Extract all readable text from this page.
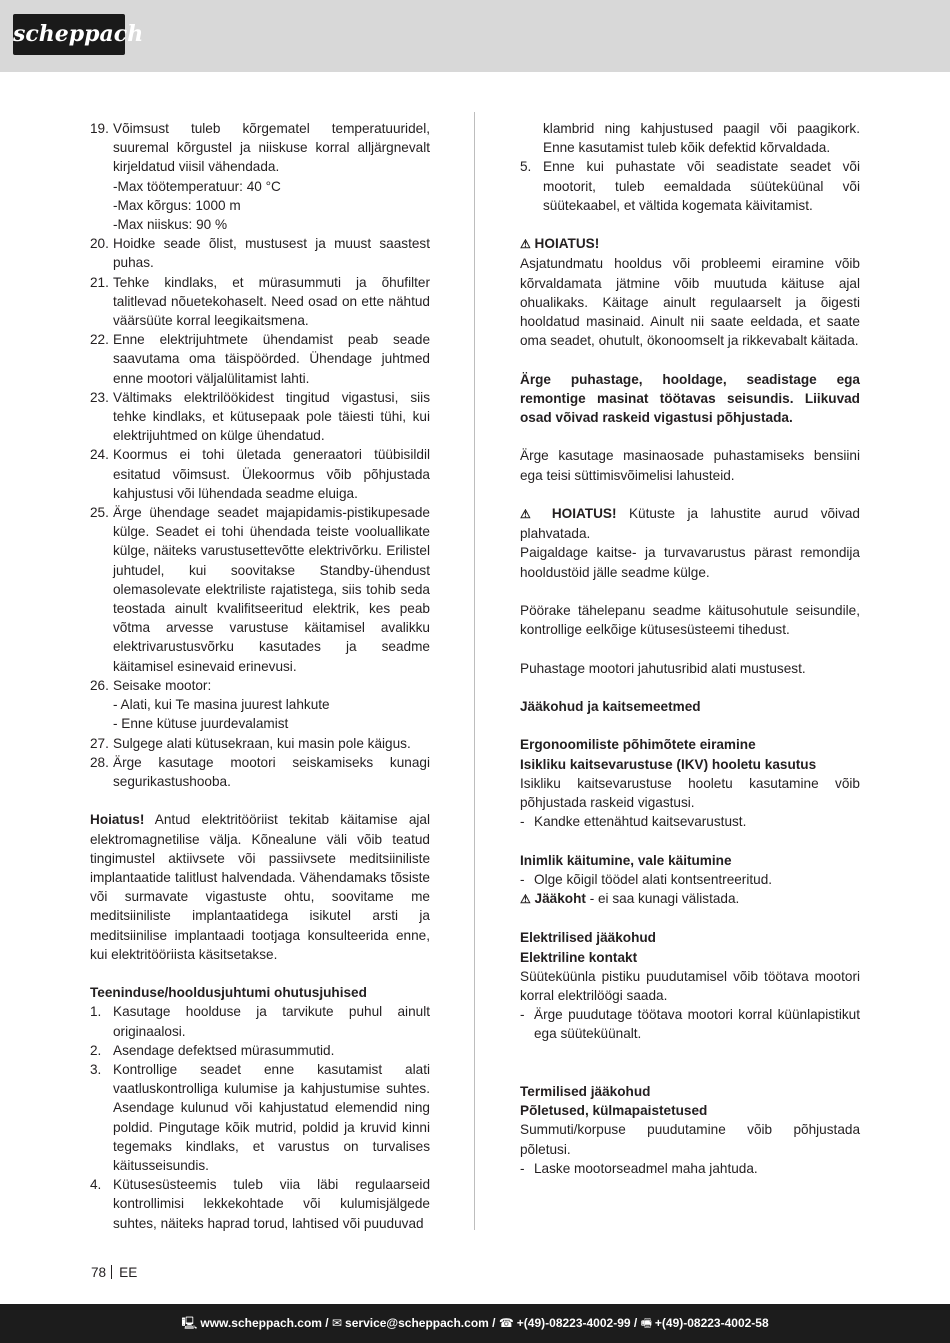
scheppach
19. Võimsust tuleb kõrgematel temperatuuridel, suuremal kõrgustel ja niiskuse korral alljärgnevalt kirjeldatud viisil vähendada.

-Max töötemperatuur: 40 °C

-Max kõrgus: 1000 m

-Max niiskus: 90 %

20. Hoidke seade õlist, mustusest ja muust saastest puhas.
21. Tehke kindlaks, et mürasummuti ja õhufilter talitlevad nõuetekohaselt. Need osad on ette nähtud väärsüüte korral leegikaitsmena.
22. Enne elektrijuhtmete ühendamist peab seade saavutama oma täispöörded. Ühendage juhtmed enne mootori väljalülitamist lahti.
23. Vältimaks elektrilöökidest tingitud vigastusi, siis tehke kindlaks, et kütusepaak pole täiesti tühi, kui elektrijuhtmed on külge ühendatud.
24. Koormus ei tohi ületada generaatori tüübisildil esitatud võimsust. Ülekoormus võib põhjustada kahjustusi või lühendada seadme eluiga.
25. Ärge ühendage seadet majapidamis-pistikupesade külge. Seadet ei tohi ühendada teiste vooluallikate külge, näiteks varustusettevõtte elektrivõrku. Erilistel juhtudel, kui soovitakse Standby-ühendust olemasolevate elektriliste rajatistega, siis tohib seda teostada ainult kvalifitseeritud elektrik, kes peab võtma arvesse varustuse käitamisel avalikku elektrivarustusvõrku kasutades ja seadme käitamisel esinevaid erinevusi.
26. Seisake mootor:

- Alati, kui Te masina juurest lahkute

- Enne kütuse juurdevalamist

27. Sulgege alati kütusekraan, kui masin pole käigus.
28. Ärge kasutage mootori seiskamiseks kunagi segurikastushooba.

Hoiatus! Antud elektritööriist tekitab käitamise ajal elektromagnetilise välja. Kõnealune väli võib teatud tingimustel aktiivsete või passiivsete meditsiiniliste implantaatide talitlust halvendada. Vähendamaks tõsiste või surmavate vigastuste ohtu, soovitame me meditsiiniliste implantaatidega isikutel arsti ja meditsiinilise implantaadi tootjaga konsulteerida enne, kui elektritööriista käsitsetakse.

Teeninduse/hooldusjuhtumi ohutusjuhised

1. Kasutage hoolduse ja tarvikute puhul ainult originaalosi.
2. Asendage defektsed mürasummutid.
3. Kontrollige seadet enne kasutamist alati vaatluskontrolliga kulumise ja kahjustumise suhtes. Asendage kulunud või kahjustatud elemendid ning poldid. Pingutage kõik mutrid, poldid ja kruvid kinni tegemaks kindlaks, et varustus on turvalises käitusseisundis.
4. Kütusesüsteemis tuleb viia läbi regulaarseid kontrollimisi lekkekohtade või kulumisjälgede suhtes, näiteks haprad torud, lahtised või puuduvad
klambrid ning kahjustused paagil või paagikork. Enne kasutamist tuleb kõik defektid kõrvaldada.
5. Enne kui puhastate või seadistate seadet või mootorit, tuleb eemaldada süüteküünal või süütekaabel, et vältida kogemata käivitamist.

⚠ HOIATUS!

Asjatundmatu hooldus või probleemi eiramine võib kõrvaldamata jätmine võib muutuda käituse ajal ohualikaks. Käitage ainult regulaarselt ja õigesti hooldatud masinaid. Ainult nii saate eeldada, et saate oma seadet, ohutult, ökonoomselt ja rikkevabalt käitada.

Ärge puhastage, hooldage, seadistage ega remontige masinat töötavas seisundis. Liikuvad osad võivad raskeid vigastusi põhjustada.

Ärge kasutage masinaosade puhastamiseks bensiini ega teisi süttimisvõimelisi lahusteid.

⚠ HOIATUS! Kütuste ja lahustite aurud võivad plahvatada.

Paigaldage kaitse- ja turvavarustus pärast remondija hooldustöid jälle seadme külge.

Pöörake tähelepanu seadme käitusohutule seisundile, kontrollige eelkõige kütusesüsteemi tihedust.

Puhastage mootori jahutusribid alati mustusest.

Jääkohud ja kaitsemeetmed

Ergonoomiliste põhimõtete eiramine

Isikliku kaitsevarustuse (IKV) hooletu kasutus

Isikliku kaitsevarustuse hooletu kasutamine võib põhjustada raskeid vigastusi.

- Kandke ettenähtud kaitsevarustust.

Inimlik käitumine, vale käitumine

- Olge kõigil töödel alati kontsentreeritud.

⚠ Jääkoht - ei saa kunagi välistada.

Elektrilised jääkohud

Elektriline kontakt

Süüteküünla pistiku puudutamisel võib töötava mootori korral elektrilöögi saada.

- Ärge puudutage töötava mootori korral küünlapistikut ega süüteküünalt.

Termilised jääkohud

Põletused, külmapaistetused

Summuti/korpuse puudutamine võib põhjustada põletusi.

- Laske mootorseadmel maha jahtuda.
78 EE
🖳 www.scheppach.com / ✉ service@scheppach.com / ☎ +(49)-08223-4002-99 / 🖷 +(49)-08223-4002-58
